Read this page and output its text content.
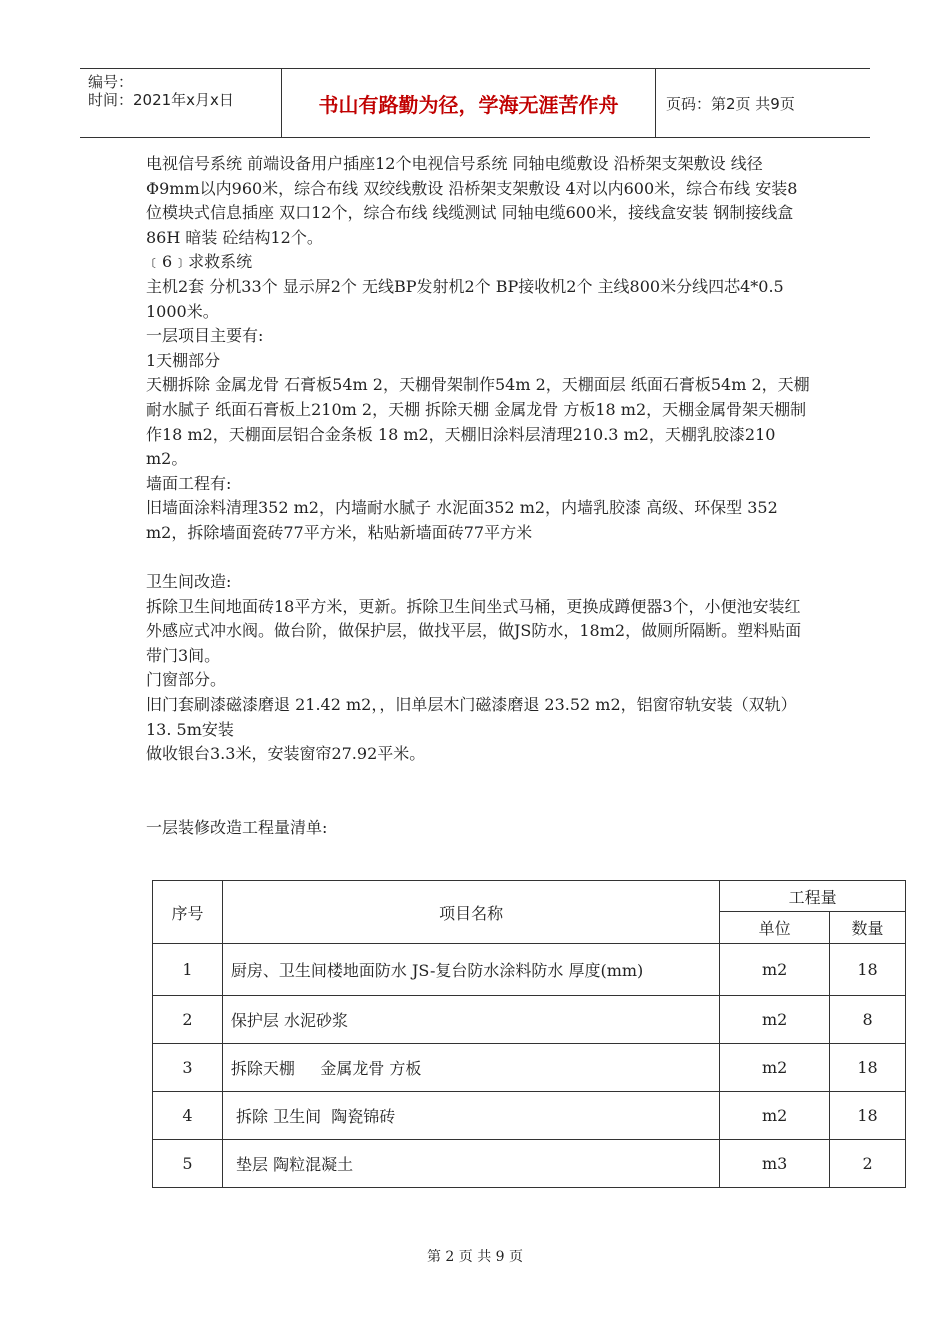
编号：
时间：2021年x月x日	书山有路勤为径，学海无涯苦作舟	页码：第2页 共9页

电视信号系统 前端设备用户插座12个电视信号系统 同轴电缆敷设 沿桥架支架敷设 线径Φ9mm以内960米，综合布线 双绞线敷设 沿桥架支架敷设 4对以内600米，综合布线 安装8位模块式信息插座 双口12个，综合布线 线缆测试 同轴电缆600米，接线盒安装 钢制接线盒86H 暗装 砼结构12个。

﹝6﹞求救系统

主机2套 分机33个 显示屏2个 无线BP发射机2个 BP接收机2个 主线800米分线四芯4*0.5 1000米。

一层项目主要有:

1天棚部分

天棚拆除 金属龙骨 石膏板54m 2，天棚骨架制作54m 2，天棚面层 纸面石膏板54m 2，天棚耐水腻子 纸面石膏板上210m 2，天棚 拆除天棚 金属龙骨 方板18 m2，天棚金属骨架天棚制作18 m2，天棚面层铝合金条板 18 m2，天棚旧涂料层清理210.3 m2，天棚乳胶漆210 m2。

墙面工程有:

旧墙面涂料清理352 m2，内墙耐水腻子 水泥面352 m2，内墙乳胶漆 高级、环保型 352 m2，拆除墙面瓷砖77平方米，粘贴新墙面砖77平方米

卫生间改造:

拆除卫生间地面砖18平方米，更新。拆除卫生间坐式马桶，更换成蹲便器3个，小便池安装红外感应式冲水阀。做台阶，做保护层，做找平层，做JS防水，18m2，做厕所隔断。塑料贴面 带门3间。

门窗部分。

旧门套刷漆磁漆磨退 21.42 m2，，旧单层木门磁漆磨退 23.52 m2，铝窗帘轨安装（双轨）13. 5m安装

做收银台3.3米，安装窗帘27.92平米。

一层装修改造工程量清单:

序号	项目名称	工程量	
		单位	数量
1	厨房、卫生间楼地面防水 JS-复台防水涂料防水 厚度(mm)	m2	18
2	保护层 水泥砂浆	m2	8
3	拆除天棚     金属龙骨 方板	m2	18
4	拆除 卫生间  陶瓷锦砖	m2	18
5	垫层 陶粒混凝土	m3	2
第 2 页 共 9 页
